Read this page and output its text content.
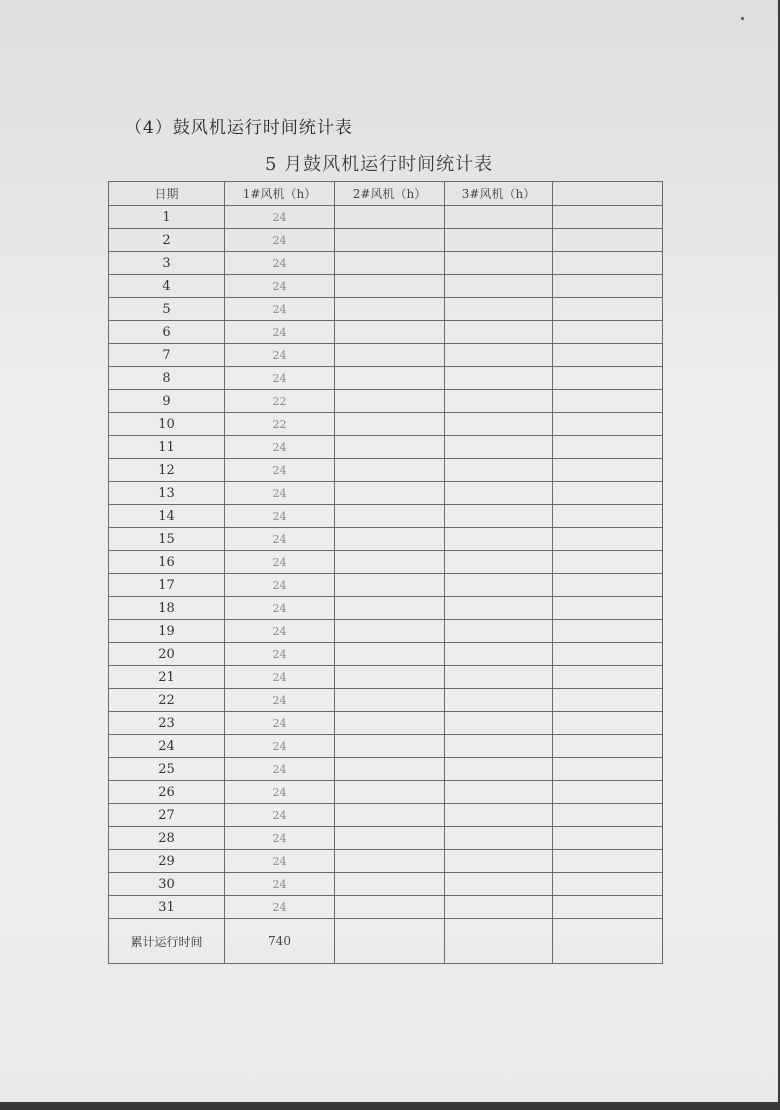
（4）鼓风机运行时间统计表
5 月鼓风机运行时间统计表
日期	1#风机（h）	2#风机（h）	3#风机（h）	
1	24			
2	24			
3	24			
4	24			
5	24			
6	24			
7	24			
8	24			
9	22			
10	22			
11	24			
12	24			
13	24			
14	24			
15	24			
16	24			
17	24			
18	24			
19	24			
20	24			
21	24			
22	24			
23	24			
24	24			
25	24			
26	24			
27	24			
28	24			
29	24			
30	24			
31	24			
累计运行时间	740			
